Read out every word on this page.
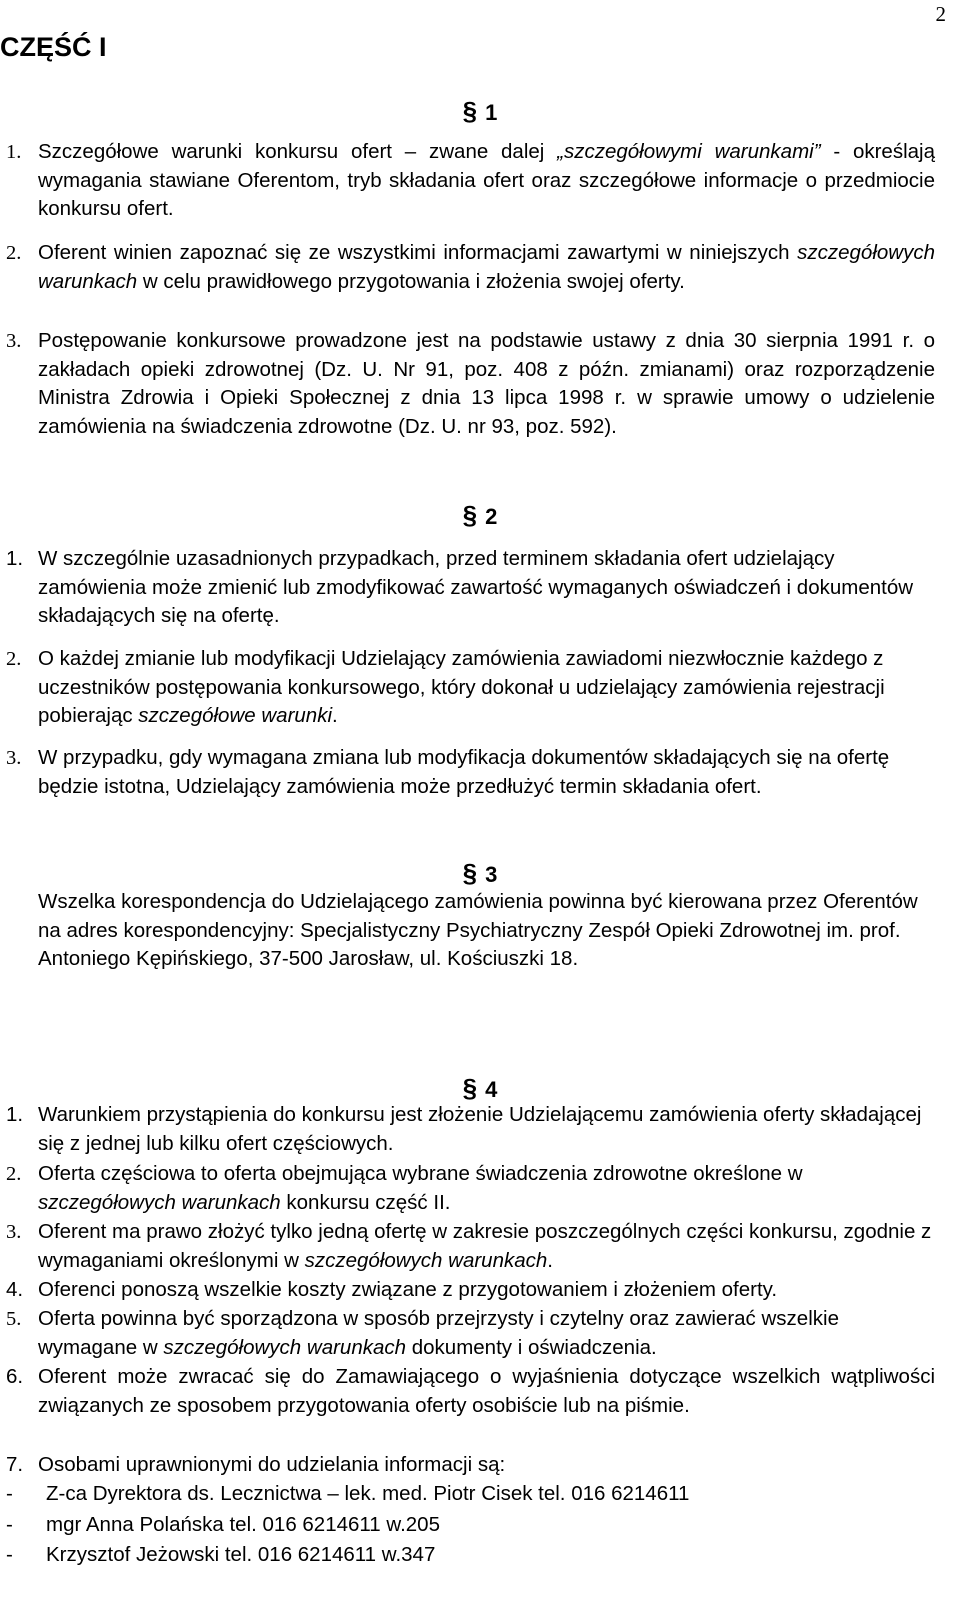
2
CZĘŚĆ I
§ 1
1. Szczegółowe warunki konkursu ofert – zwane dalej „szczegółowymi warunkami” - określają wymagania stawiane Oferentom, tryb składania ofert oraz szczegółowe informacje o przedmiocie konkursu ofert.
2. Oferent winien zapoznać się ze wszystkimi informacjami zawartymi w niniejszych szczegółowych warunkach w celu prawidłowego przygotowania i złożenia swojej oferty.
3. Postępowanie konkursowe prowadzone jest na podstawie ustawy z dnia 30 sierpnia 1991 r. o zakładach opieki zdrowotnej (Dz. U. Nr 91, poz. 408 z późn. zmianami) oraz rozporządzenie Ministra Zdrowia i Opieki Społecznej z dnia 13 lipca 1998 r. w sprawie umowy o udzielenie zamówienia na świadczenia zdrowotne (Dz. U. nr 93, poz. 592).
§ 2
1. W szczególnie uzasadnionych przypadkach, przed terminem składania ofert udzielający zamówienia może zmienić lub zmodyfikować zawartość wymaganych oświadczeń i dokumentów składających się na ofertę.
2. O każdej zmianie lub modyfikacji Udzielający zamówienia zawiadomi niezwłocznie każdego z uczestników postępowania konkursowego, który dokonał u udzielający zamówienia rejestracji pobierając szczegółowe warunki.
3. W przypadku, gdy wymagana zmiana lub modyfikacja dokumentów składających się na ofertę będzie istotna, Udzielający zamówienia może przedłużyć termin składania ofert.
§ 3
Wszelka korespondencja do Udzielającego zamówienia powinna być kierowana przez Oferentów na adres korespondencyjny: Specjalistyczny Psychiatryczny Zespół Opieki Zdrowotnej im. prof. Antoniego Kępińskiego, 37-500 Jarosław, ul. Kościuszki 18.
§ 4
1. Warunkiem przystąpienia do konkursu jest złożenie Udzielającemu zamówienia oferty składającej się z jednej lub kilku ofert częściowych.
2. Oferta częściowa to oferta obejmująca wybrane świadczenia zdrowotne określone w szczegółowych warunkach konkursu część II.
3. Oferent ma prawo złożyć tylko jedną ofertę w zakresie poszczególnych części konkursu, zgodnie z wymaganiami określonymi w szczegółowych warunkach.
4. Oferenci ponoszą wszelkie koszty związane z przygotowaniem i złożeniem oferty.
5. Oferta powinna być sporządzona w sposób przejrzysty i czytelny oraz zawierać wszelkie wymagane w szczegółowych warunkach dokumenty i oświadczenia.
6. Oferent może zwracać się do Zamawiającego o wyjaśnienia dotyczące wszelkich wątpliwości związanych ze sposobem przygotowania oferty osobiście lub na piśmie.
7. Osobami uprawnionymi do udzielania informacji są:
- Z-ca Dyrektora ds. Lecznictwa – lek. med. Piotr Cisek tel. 016 6214611
- mgr Anna Polańska tel. 016 6214611 w.205
- Krzysztof Jeżowski tel. 016 6214611 w.347
